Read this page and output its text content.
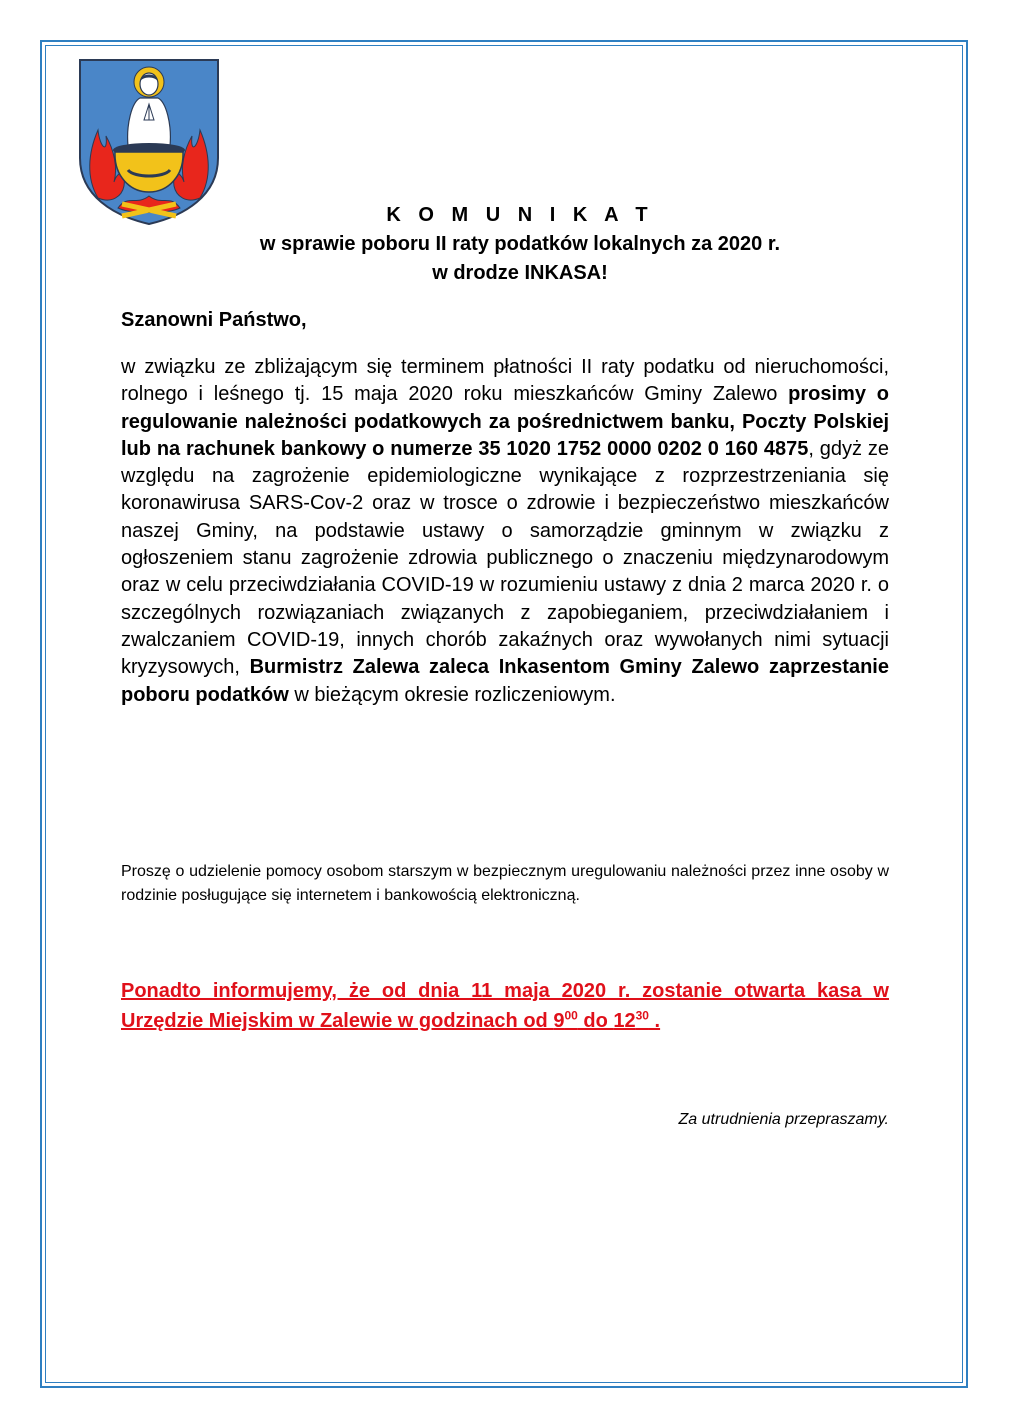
K O M U N I K A T
w sprawie poboru II raty podatków lokalnych za 2020 r.
w drodze INKASA!
Szanowni Państwo,
w związku ze zbliżającym się terminem płatności II raty podatku od nieruchomości, rolnego i leśnego tj. 15 maja 2020 roku mieszkańców Gminy Zalewo prosimy o regulowanie należności podatkowych za pośrednictwem banku, Poczty Polskiej lub na rachunek bankowy o numerze 35 1020 1752 0000 0202 0 160 4875, gdyż ze względu na zagrożenie epidemiologiczne wynikające z rozprzestrzeniania się koronawirusa SARS-Cov-2 oraz w trosce o zdrowie i bezpieczeństwo mieszkańców naszej Gminy, na podstawie ustawy o samorządzie gminnym w związku z ogłoszeniem stanu zagrożenie zdrowia publicznego o znaczeniu międzynarodowym oraz w celu przeciwdziałania COVID-19 w rozumieniu ustawy z dnia 2 marca 2020 r. o szczególnych rozwiązaniach związanych z zapobieganiem, przeciwdziałaniem i zwalczaniem COVID-19, innych chorób zakaźnych oraz wywołanych nimi sytuacji kryzysowych, Burmistrz Zalewa zaleca Inkasentom Gminy Zalewo zaprzestanie poboru podatków w bieżącym okresie rozliczeniowym.
Proszę o udzielenie pomocy osobom starszym w bezpiecznym uregulowaniu należności przez inne osoby w rodzinie posługujące się internetem i bankowością elektroniczną.
Ponadto informujemy, że od dnia 11 maja 2020 r. zostanie otwarta kasa w Urzędzie Miejskim w Zalewie w godzinach od $9^{00}$ do $12^{30}$ .
Za utrudnienia przepraszamy.
